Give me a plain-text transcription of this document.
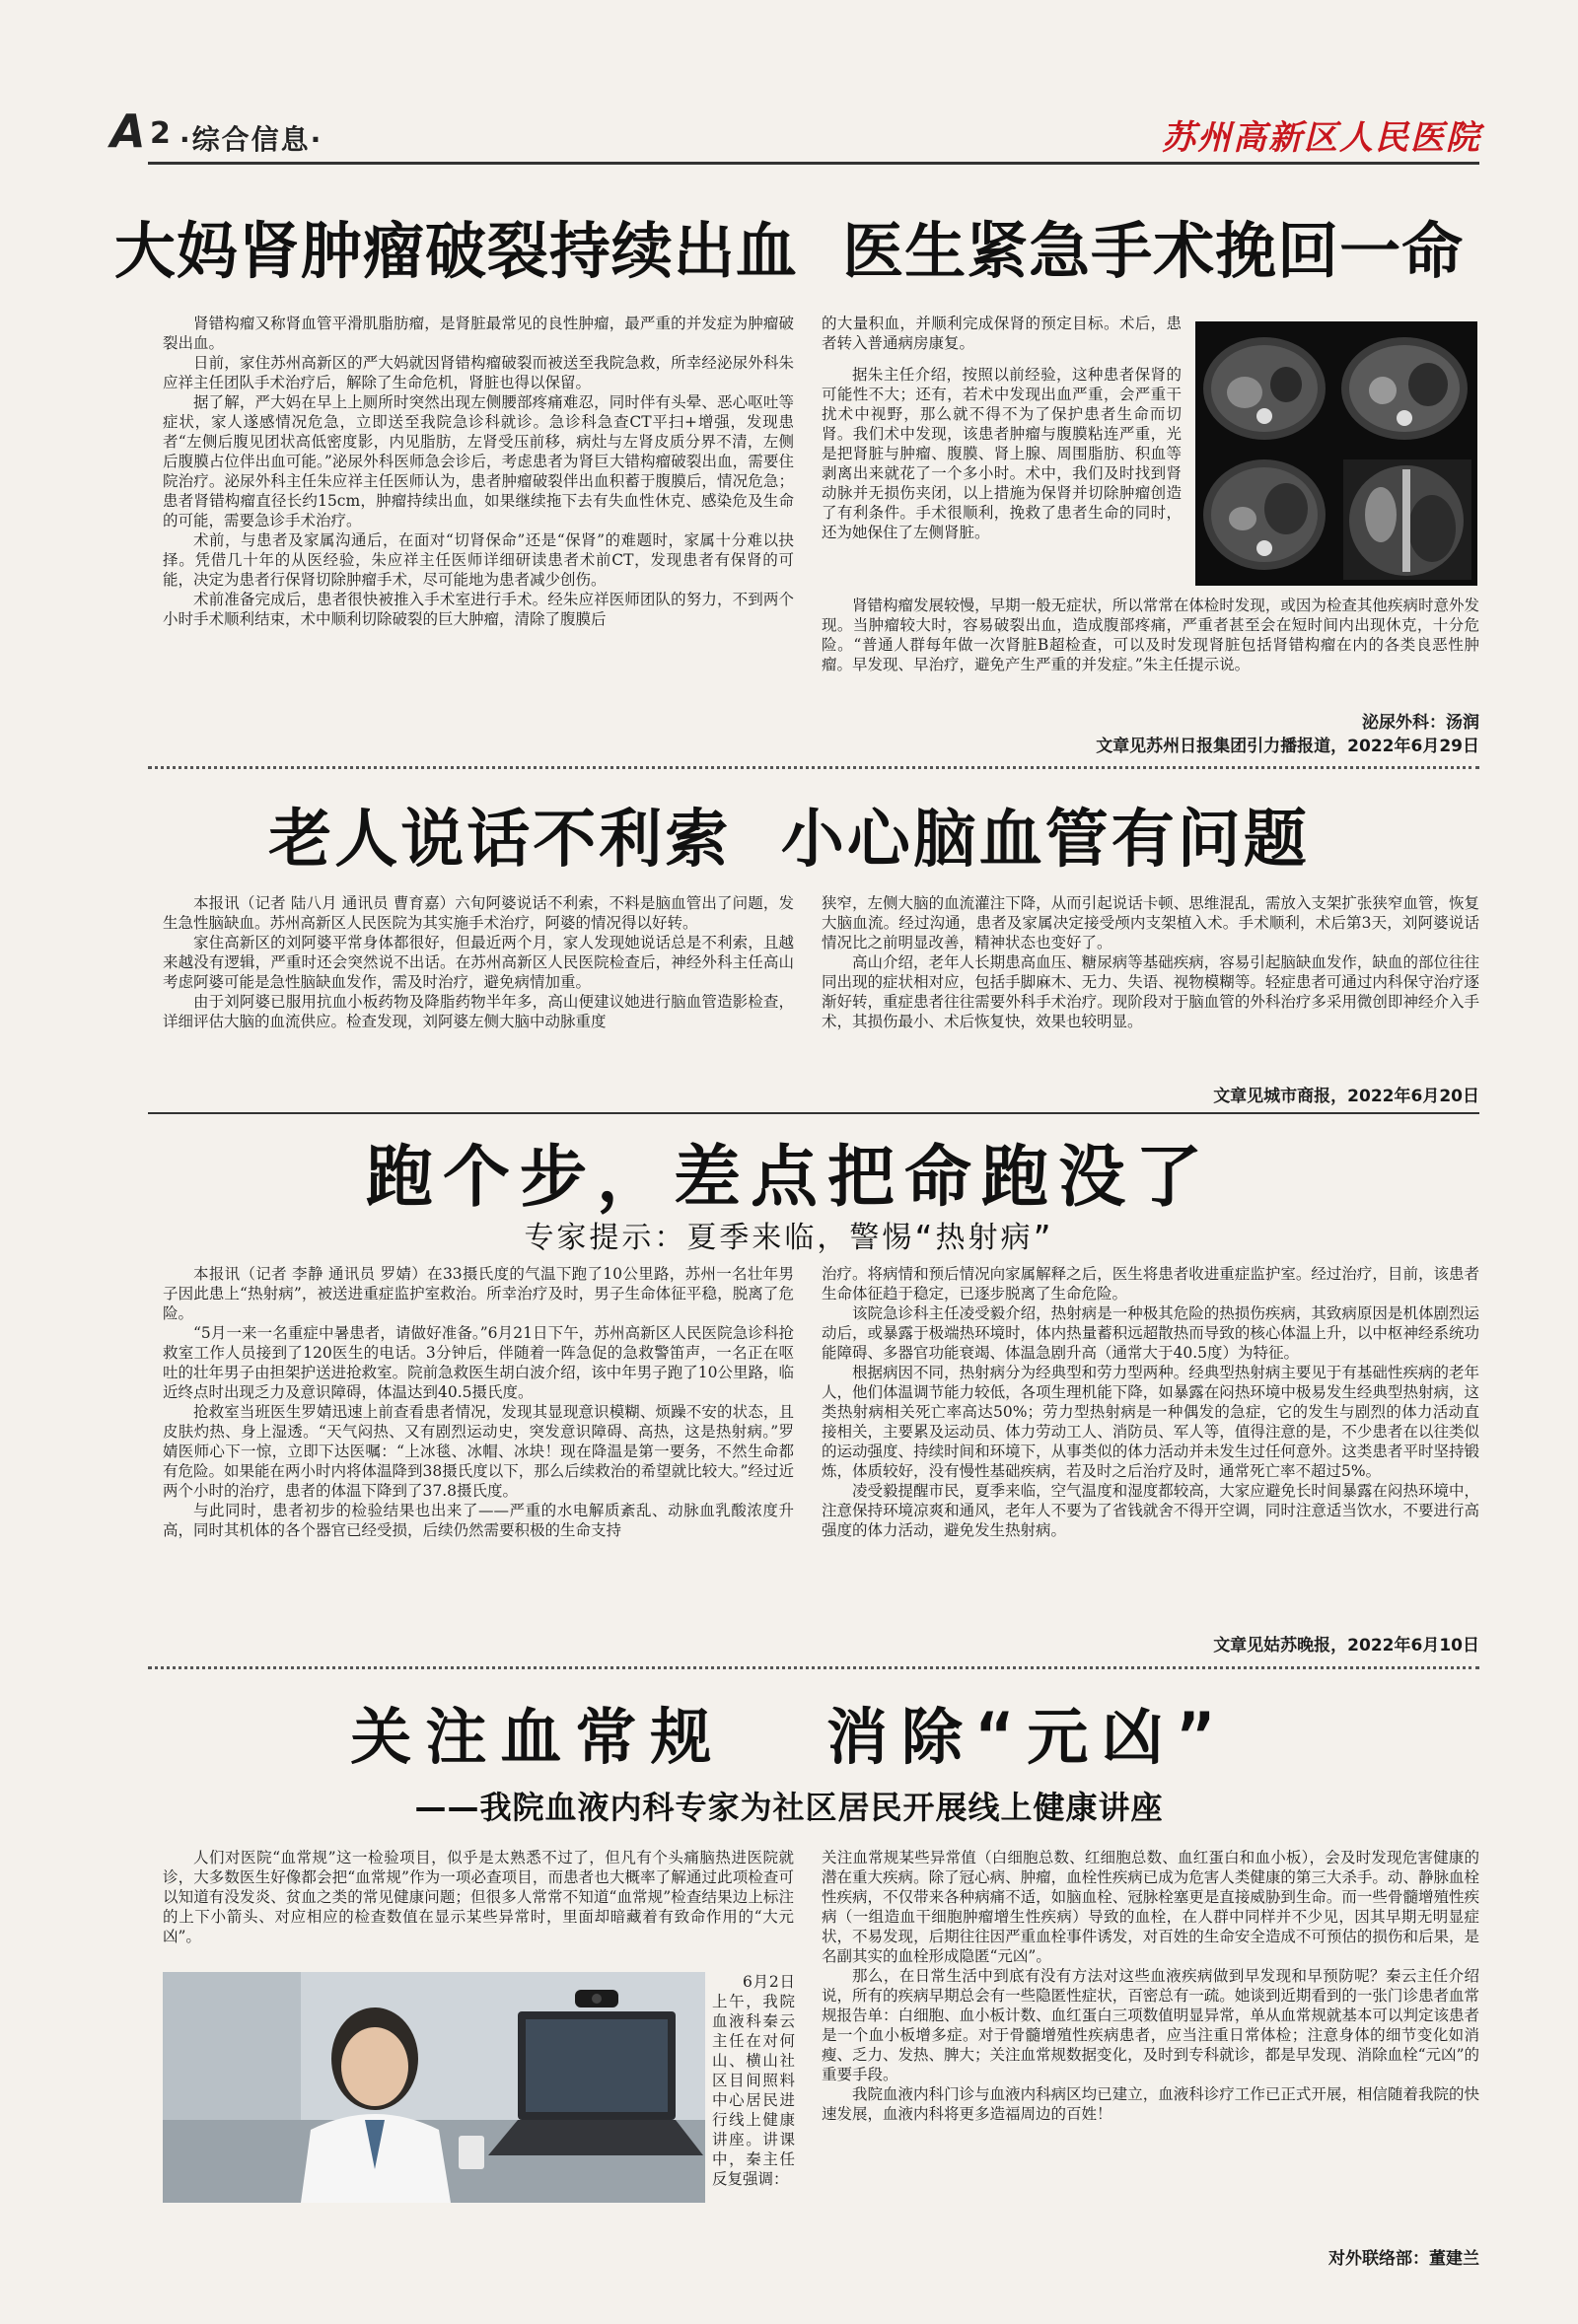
A 2 ·综合信息·	苏州高新区人民医院
大妈肾肿瘤破裂持续出血  医生紧急手术挽回一命

肾错构瘤又称肾血管平滑肌脂肪瘤，是肾脏最常见的良性肿瘤，最严重的并发症为肿瘤破裂出血。

日前，家住苏州高新区的严大妈就因肾错构瘤破裂而被送至我院急救，所幸经泌尿外科朱应祥主任团队手术治疗后，解除了生命危机，肾脏也得以保留。

据了解，严大妈在早上上厕所时突然出现左侧腰部疼痛难忍，同时伴有头晕、恶心呕吐等症状，家人遂感情况危急，立即送至我院急诊科就诊。急诊科急查CT平扫+增强，发现患者“左侧后腹见团状高低密度影，内见脂肪，左肾受压前移，病灶与左肾皮质分界不清，左侧后腹膜占位伴出血可能。”泌尿外科医师急会诊后，考虑患者为肾巨大错构瘤破裂出血，需要住院治疗。泌尿外科主任朱应祥主任医师认为，患者肿瘤破裂伴出血积蓄于腹膜后，情况危急；患者肾错构瘤直径长约15cm，肿瘤持续出血，如果继续拖下去有失血性休克、感染危及生命的可能，需要急诊手术治疗。

术前，与患者及家属沟通后，在面对“切肾保命”还是“保肾”的难题时，家属十分难以抉择。凭借几十年的从医经验，朱应祥主任医师详细研读患者术前CT，发现患者有保肾的可能，决定为患者行保肾切除肿瘤手术，尽可能地为患者减少创伤。

术前准备完成后，患者很快被推入手术室进行手术。经朱应祥医师团队的努力，不到两个小时手术顺利结束，术中顺利切除破裂的巨大肿瘤，清除了腹膜后

的大量积血，并顺利完成保肾的预定目标。术后，患者转入普通病房康复。

据朱主任介绍，按照以前经验，这种患者保肾的可能性不大；还有，若术中发现出血严重，会严重干扰术中视野，那么就不得不为了保护患者生命而切肾。我们术中发现，该患者肿瘤与腹膜粘连严重，光是把肾脏与肿瘤、腹膜、肾上腺、周围脂肪、积血等剥离出来就花了一个多小时。术中，我们及时找到肾动脉并无损伤夹闭，以上措施为保肾并切除肿瘤创造了有利条件。手术很顺利，挽救了患者生命的同时，还为她保住了左侧肾脏。

肾错构瘤发展较慢，早期一般无症状，所以常常在体检时发现，或因为检查其他疾病时意外发现。当肿瘤较大时，容易破裂出血，造成腹部疼痛，严重者甚至会在短时间内出现休克，十分危险。“普通人群每年做一次肾脏B超检查，可以及时发现肾脏包括肾错构瘤在内的各类良恶性肿瘤。早发现、早治疗，避免产生严重的并发症。”朱主任提示说。

泌尿外科：汤润
文章见苏州日报集团引力播报道，2022年6月29日
老人说话不利索  小心脑血管有问题

本报讯（记者 陆八月 通讯员 曹育嘉）六旬阿婆说话不利索，不料是脑血管出了问题，发生急性脑缺血。苏州高新区人民医院为其实施手术治疗，阿婆的情况得以好转。

家住高新区的刘阿婆平常身体都很好，但最近两个月，家人发现她说话总是不利索，且越来越没有逻辑，严重时还会突然说不出话。在苏州高新区人民医院检查后，神经外科主任高山考虑阿婆可能是急性脑缺血发作，需及时治疗，避免病情加重。

由于刘阿婆已服用抗血小板药物及降脂药物半年多，高山便建议她进行脑血管造影检查，详细评估大脑的血流供应。检查发现，刘阿婆左侧大脑中动脉重度

狭窄，左侧大脑的血流灌注下降，从而引起说话卡顿、思维混乱，需放入支架扩张狭窄血管，恢复大脑血流。经过沟通，患者及家属决定接受颅内支架植入术。手术顺利，术后第3天，刘阿婆说话情况比之前明显改善，精神状态也变好了。

高山介绍，老年人长期患高血压、糖尿病等基础疾病，容易引起脑缺血发作，缺血的部位往往同出现的症状相对应，包括手脚麻木、无力、失语、视物模糊等。轻症患者可通过内科保守治疗逐渐好转，重症患者往往需要外科手术治疗。现阶段对于脑血管的外科治疗多采用微创即神经介入手术，其损伤最小、术后恢复快，效果也较明显。

文章见城市商报，2022年6月20日
跑个步，差点把命跑没了
专家提示：夏季来临，警惕“热射病”

本报讯（记者 李静 通讯员 罗婧）在33摄氏度的气温下跑了10公里路，苏州一名壮年男子因此患上“热射病”，被送进重症监护室救治。所幸治疗及时，男子生命体征平稳，脱离了危险。

“5月一来一名重症中暑患者，请做好准备。”6月21日下午，苏州高新区人民医院急诊科抢救室工作人员接到了120医生的电话。3分钟后，伴随着一阵急促的急救警笛声，一名正在呕吐的壮年男子由担架护送进抢救室。院前急救医生胡白波介绍，该中年男子跑了10公里路，临近终点时出现乏力及意识障碍，体温达到40.5摄氏度。

抢救室当班医生罗婧迅速上前查看患者情况，发现其显现意识模糊、烦躁不安的状态，且皮肤灼热、身上湿透。“天气闷热、又有剧烈运动史，突发意识障碍、高热，这是热射病。”罗婧医师心下一惊，立即下达医嘱：“上冰毯、冰帽、冰块！现在降温是第一要务，不然生命都有危险。如果能在两小时内将体温降到38摄氏度以下，那么后续救治的希望就比较大。”经过近两个小时的治疗，患者的体温下降到了37.8摄氏度。

与此同时，患者初步的检验结果也出来了——严重的水电解质紊乱、动脉血乳酸浓度升高，同时其机体的各个器官已经受损，后续仍然需要积极的生命支持

治疗。将病情和预后情况向家属解释之后，医生将患者收进重症监护室。经过治疗，目前，该患者生命体征趋于稳定，已逐步脱离了生命危险。

该院急诊科主任凌受毅介绍，热射病是一种极其危险的热损伤疾病，其致病原因是机体剧烈运动后，或暴露于极端热环境时，体内热量蓄积远超散热而导致的核心体温上升，以中枢神经系统功能障碍、多器官功能衰竭、体温急剧升高（通常大于40.5度）为特征。

根据病因不同，热射病分为经典型和劳力型两种。经典型热射病主要见于有基础性疾病的老年人，他们体温调节能力较低，各项生理机能下降，如暴露在闷热环境中极易发生经典型热射病，这类热射病相关死亡率高达50%；劳力型热射病是一种偶发的急症，它的发生与剧烈的体力活动直接相关，主要累及运动员、体力劳动工人、消防员、军人等，值得注意的是，不少患者在以往类似的运动强度、持续时间和环境下，从事类似的体力活动并未发生过任何意外。这类患者平时坚持锻炼，体质较好，没有慢性基础疾病，若及时之后治疗及时，通常死亡率不超过5%。

凌受毅提醒市民，夏季来临，空气温度和湿度都较高，大家应避免长时间暴露在闷热环境中，注意保持环境凉爽和通风，老年人不要为了省钱就舍不得开空调，同时注意适当饮水，不要进行高强度的体力活动，避免发生热射病。

文章见姑苏晚报，2022年6月10日
关注血常规  消除“元凶”
——我院血液内科专家为社区居民开展线上健康讲座

人们对医院“血常规”这一检验项目，似乎是太熟悉不过了，但凡有个头痛脑热进医院就诊，大多数医生好像都会把“血常规”作为一项必查项目，而患者也大概率了解通过此项检查可以知道有没发炎、贫血之类的常见健康问题；但很多人常常不知道“血常规”检查结果边上标注的上下小箭头、对应相应的检查数值在显示某些异常时，里面却暗藏着有致命作用的“大元凶”。

6月2日上午，我院血液科秦云主任在对何山、横山社区目间照料中心居民进行线上健康讲座。讲课中，秦主任反复强调：

关注血常规某些异常值（白细胞总数、红细胞总数、血红蛋白和血小板），会及时发现危害健康的潜在重大疾病。除了冠心病、肿瘤，血栓性疾病已成为危害人类健康的第三大杀手。动、静脉血栓性疾病，不仅带来各种病痛不适，如脑血栓、冠脉栓塞更是直接威胁到生命。而一些骨髓增殖性疾病（一组造血干细胞肿瘤增生性疾病）导致的血栓，在人群中同样并不少见，因其早期无明显症状，不易发现，后期往往因严重血栓事件诱发，对百姓的生命安全造成不可预估的损伤和后果，是名副其实的血栓形成隐匿“元凶”。

那么，在日常生活中到底有没有方法对这些血液疾病做到早发现和早预防呢？秦云主任介绍说，所有的疾病早期总会有一些隐匿性症状，百密总有一疏。她谈到近期看到的一张门诊患者血常规报告单：白细胞、血小板计数、血红蛋白三项数值明显异常，单从血常规就基本可以判定该患者是一个血小板增多症。对于骨髓增殖性疾病患者，应当注重日常体检；注意身体的细节变化如消瘦、乏力、发热、脾大；关注血常规数据变化，及时到专科就诊，都是早发现、消除血栓“元凶”的重要手段。

我院血液内科门诊与血液内科病区均已建立，血液科诊疗工作已正式开展，相信随着我院的快速发展，血液内科将更多造福周边的百姓！

对外联络部：董建兰
